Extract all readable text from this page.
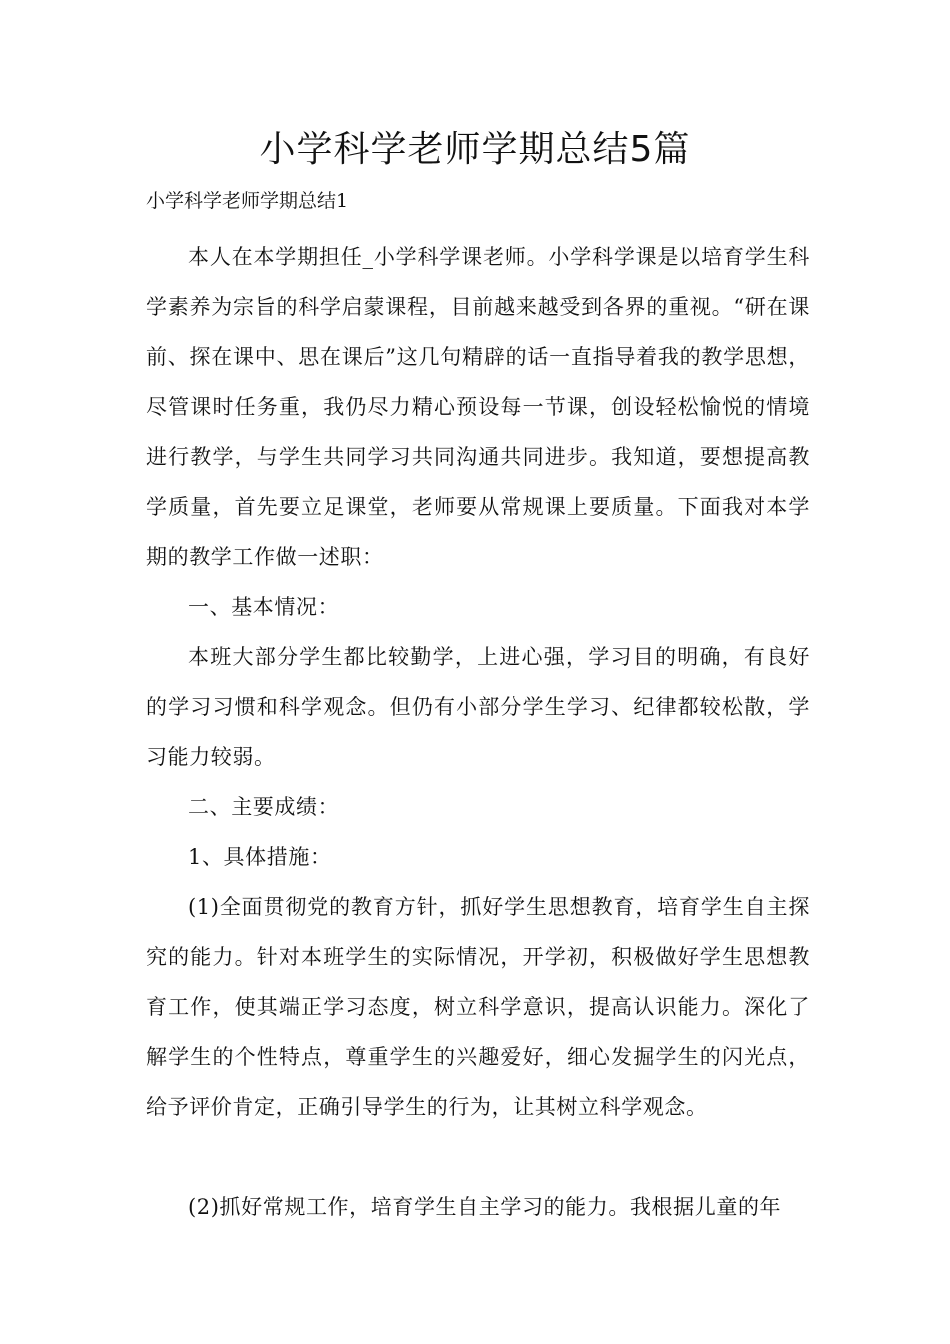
小学科学老师学期总结5篇

小学科学老师学期总结1

本人在本学期担任_小学科学课老师。小学科学课是以培育学生科学素养为宗旨的科学启蒙课程，目前越来越受到各界的重视。“研在课前、探在课中、思在课后”这几句精辟的话一直指导着我的教学思想，尽管课时任务重，我仍尽力精心预设每一节课，创设轻松愉悦的情境进行教学，与学生共同学习共同沟通共同进步。我知道，要想提高教学质量，首先要立足课堂，老师要从常规课上要质量。下面我对本学期的教学工作做一述职：

一、基本情况：

本班大部分学生都比较勤学，上进心强，学习目的明确，有良好的学习习惯和科学观念。但仍有小部分学生学习、纪律都较松散，学习能力较弱。

二、主要成绩：

1、具体措施：

(1)全面贯彻党的教育方针，抓好学生思想教育，培育学生自主探究的能力。针对本班学生的实际情况，开学初，积极做好学生思想教育工作，使其端正学习态度，树立科学意识，提高认识能力。深化了解学生的个性特点，尊重学生的兴趣爱好，细心发掘学生的闪光点，给予评价肯定，正确引导学生的行为，让其树立科学观念。

(2)抓好常规工作，培育学生自主学习的能力。我根据儿童的年
